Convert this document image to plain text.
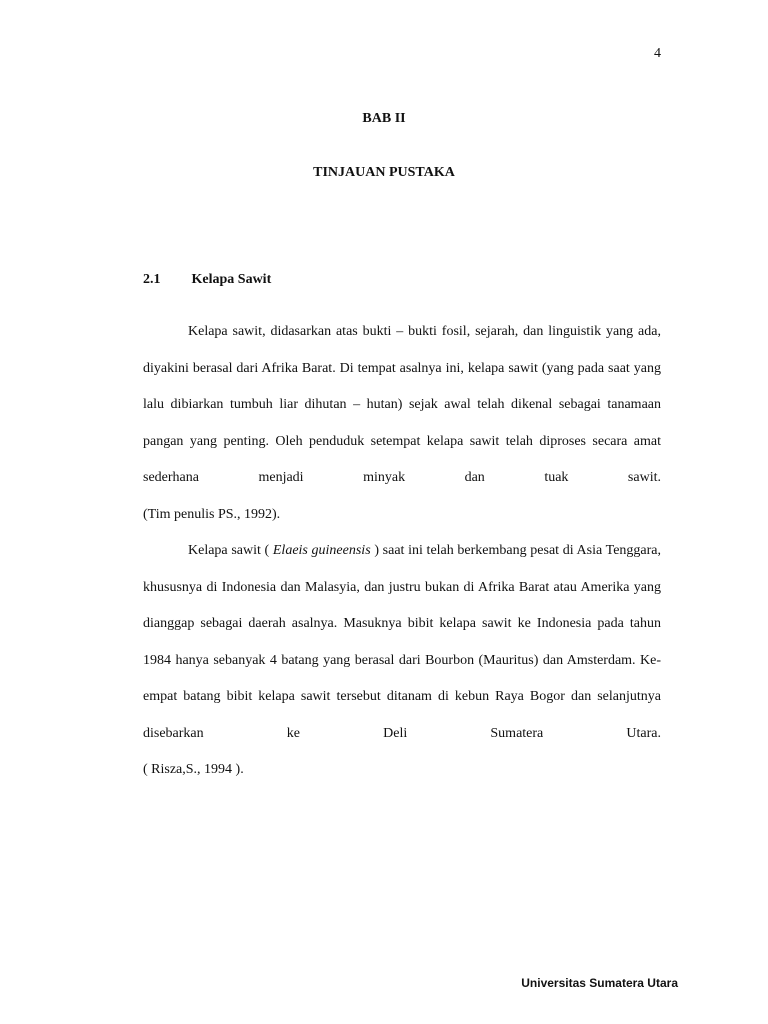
4
BAB II
TINJAUAN PUSTAKA
2.1 Kelapa Sawit

Kelapa sawit, didasarkan atas bukti – bukti fosil, sejarah, dan linguistik yang ada, diyakini berasal dari Afrika Barat. Di tempat asalnya ini, kelapa sawit (yang pada saat yang lalu dibiarkan tumbuh liar dihutan – hutan) sejak awal telah dikenal sebagai tanamaan pangan yang penting. Oleh penduduk setempat kelapa sawit telah diproses secara amat sederhana menjadi minyak dan tuak sawit.

(Tim penulis PS., 1992).

Kelapa sawit ( Elaeis guineensis ) saat ini telah berkembang pesat di Asia Tenggara, khususnya di Indonesia dan Malasyia, dan justru bukan di Afrika Barat atau Amerika yang dianggap sebagai daerah asalnya. Masuknya bibit kelapa sawit ke Indonesia pada tahun 1984 hanya sebanyak 4 batang yang berasal dari Bourbon (Mauritus) dan Amsterdam. Ke-empat batang bibit kelapa sawit tersebut ditanam di kebun Raya Bogor dan selanjutnya disebarkan ke Deli Sumatera Utara.

( Risza,S., 1994 ).

Universitas Sumatera Utara
